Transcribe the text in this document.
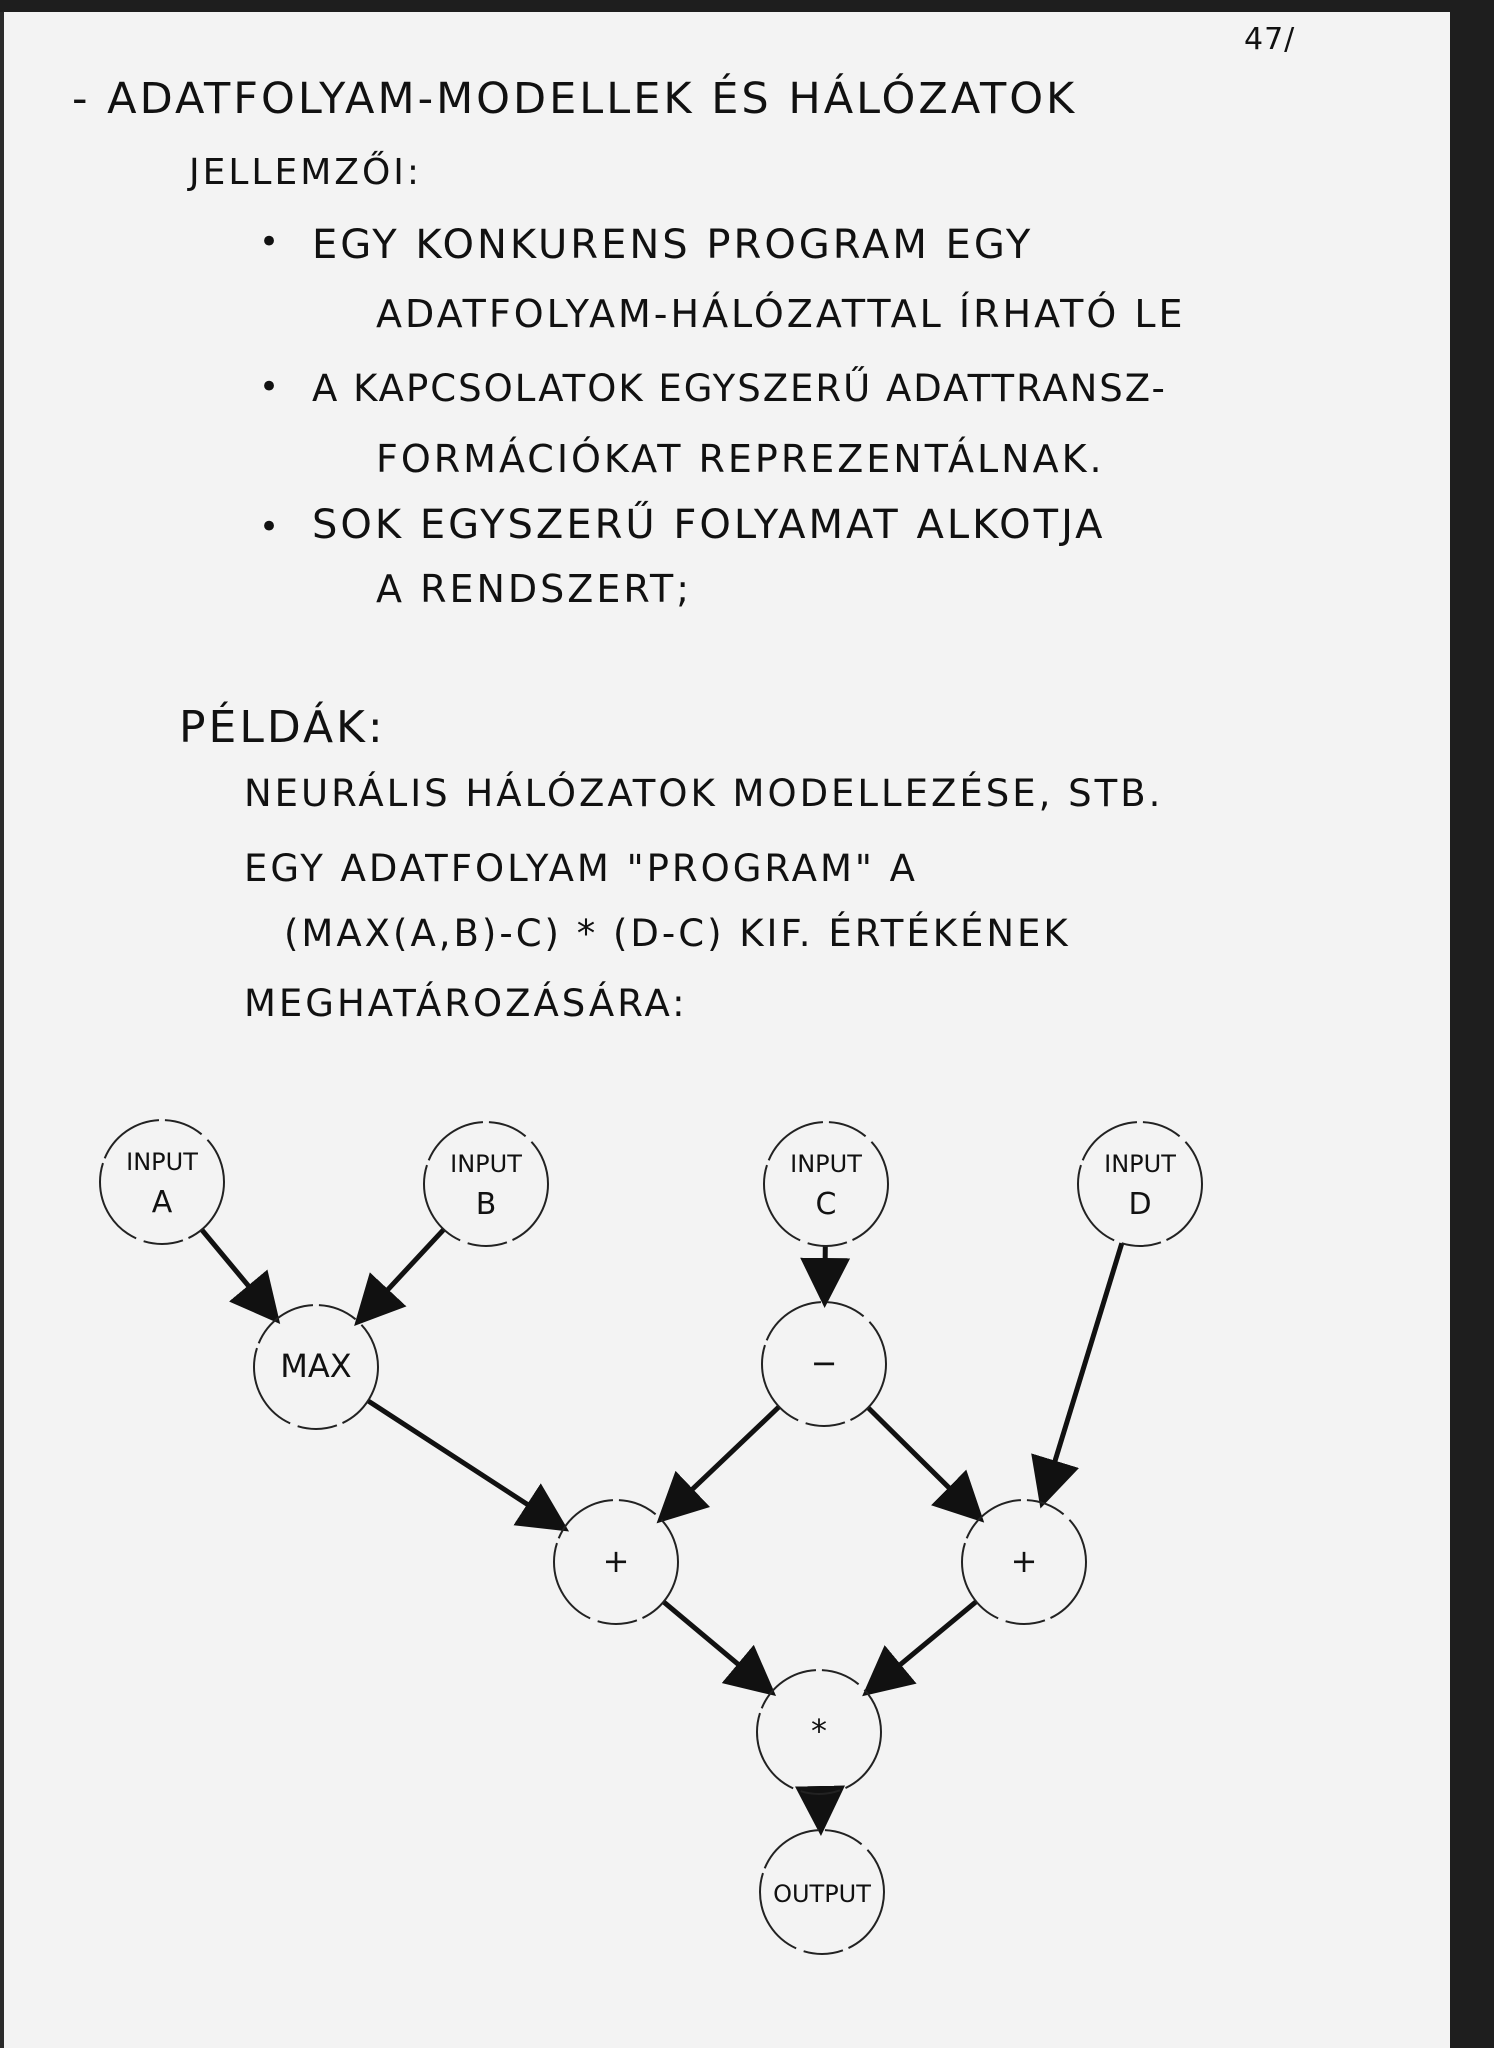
47/
- ADATFOLYAM-MODELLEK ÉS HÁLÓZATOK
JELLEMZŐI:
• EGY KONKURENS PROGRAM EGY
ADATFOLYAM-HÁLÓZATTAL ÍRHATÓ LE
• A KAPCSOLATOK EGYSZERŰ ADATTRANSZ-
FORMÁCIÓKAT REPREZENTÁLNAK.
• SOK EGYSZERŰ FOLYAMAT ALKOTJA
A RENDSZERT;
PÉLDÁK:
NEURÁLIS HÁLÓZATOK MODELLEZÉSE, STB.
EGY ADATFOLYAM "PROGRAM" A
(MAX(A,B)-C) * (D-C) KIF. ÉRTÉKÉNEK
MEGHATÁROZÁSÁRA:
INPUT
A
INPUT
B
INPUT
C
INPUT
D
MAX	−
+	+
*
OUTPUT
